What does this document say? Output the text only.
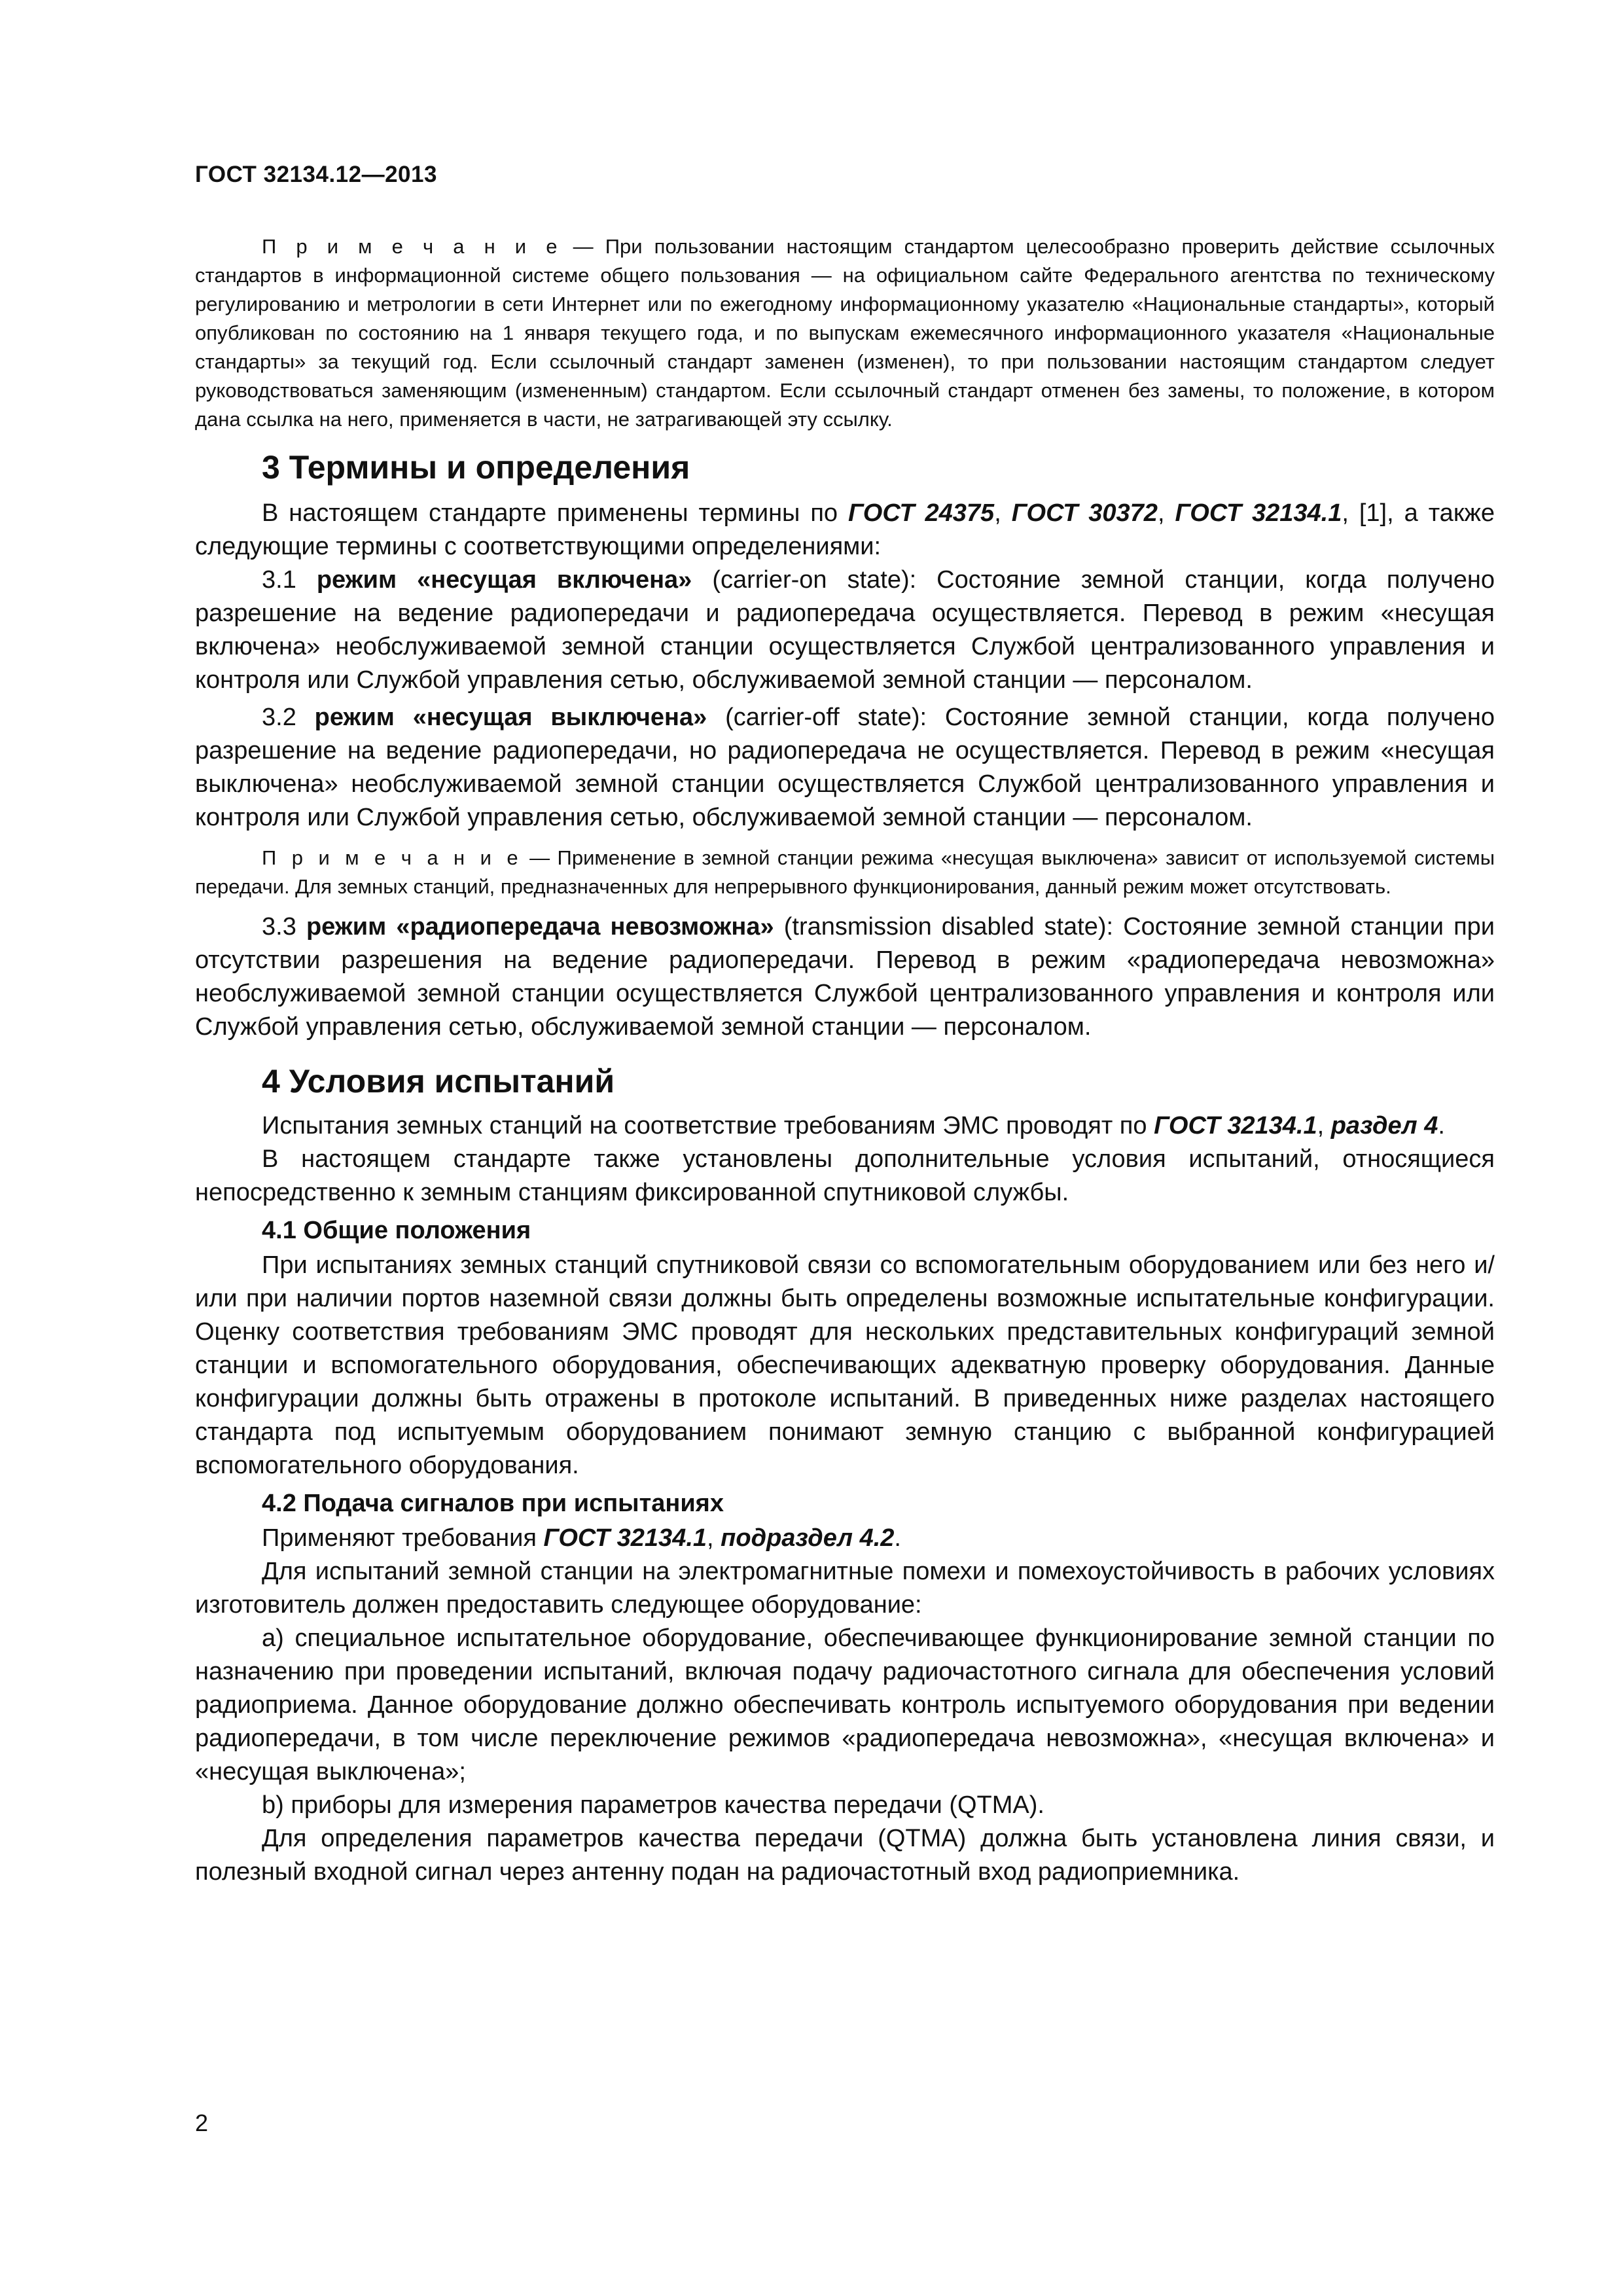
ГОСТ 32134.12—2013

П р и м е ч а н и е — При пользовании настоящим стандартом целесообразно проверить действие ссылочных стандартов в информационной системе общего пользования — на официальном сайте Федерального агентства по техническому регулированию и метрологии в сети Интернет или по ежегодному информационному указателю «Национальные стандарты», который опубликован по состоянию на 1 января текущего года, и по выпускам ежемесячного информационного указателя «Национальные стандарты» за текущий год. Если ссылочный стандарт заменен (изменен), то при пользовании настоящим стандартом следует руководствоваться заменяющим (измененным) стандартом. Если ссылочный стандарт отменен без замены, то положение, в котором дана ссылка на него, применяется в части, не затрагивающей эту ссылку.

3 Термины и определения

В настоящем стандарте применены термины по ГОСТ 24375, ГОСТ 30372, ГОСТ 32134.1, [1], а также следующие термины с соответствующими определениями:

3.1 режим «несущая включена» (carrier-on state): Состояние земной станции, когда получено разрешение на ведение радиопередачи и радиопередача осуществляется. Перевод в режим «несущая включена» необслуживаемой земной станции осуществляется Службой централизованного управления и контроля или Службой управления сетью, обслуживаемой земной станции — персоналом.

3.2 режим «несущая выключена» (carrier-off state): Состояние земной станции, когда получено разрешение на ведение радиопередачи, но радиопередача не осуществляется. Перевод в режим «несущая выключена» необслуживаемой земной станции осуществляется Службой централизованного управления и контроля или Службой управления сетью, обслуживаемой земной станции — персоналом.

П р и м е ч а н и е — Применение в земной станции режима «несущая выключена» зависит от используемой системы передачи. Для земных станций, предназначенных для непрерывного функционирования, данный режим может отсутствовать.

3.3 режим «радиопередача невозможна» (transmission disabled state): Состояние земной станции при отсутствии разрешения на ведение радиопередачи. Перевод в режим «радиопередача невозможна» необслуживаемой земной станции осуществляется Службой централизованного управления и контроля или Службой управления сетью, обслуживаемой земной станции — персоналом.

4 Условия испытаний

Испытания земных станций на соответствие требованиям ЭМС проводят по ГОСТ 32134.1, раздел 4.

В настоящем стандарте также установлены дополнительные условия испытаний, относящиеся непосредственно к земным станциям фиксированной спутниковой службы.

4.1 Общие положения

При испытаниях земных станций спутниковой связи со вспомогательным оборудованием или без него и/или при наличии портов наземной связи должны быть определены возможные испытательные конфигурации. Оценку соответствия требованиям ЭМС проводят для нескольких представительных конфигураций земной станции и вспомогательного оборудования, обеспечивающих адекватную проверку оборудования. Данные конфигурации должны быть отражены в протоколе испытаний. В приведенных ниже разделах настоящего стандарта под испытуемым оборудованием понимают земную станцию с выбранной конфигурацией вспомогательного оборудования.

4.2 Подача сигналов при испытаниях

Применяют требования ГОСТ 32134.1, подраздел 4.2.

Для испытаний земной станции на электромагнитные помехи и помехоустойчивость в рабочих условиях изготовитель должен предоставить следующее оборудование:

а) специальное испытательное оборудование, обеспечивающее функционирование земной станции по назначению при проведении испытаний, включая подачу радиочастотного сигнала для обеспечения условий радиоприема. Данное оборудование должно обеспечивать контроль испытуемого оборудования при ведении радиопередачи, в том числе переключение режимов «радиопередача невозможна», «несущая включена» и «несущая выключена»;

b) приборы для измерения параметров качества передачи (QTMA).

Для определения параметров качества передачи (QTMA) должна быть установлена линия связи, и полезный входной сигнал через антенну подан на радиочастотный вход радиоприемника.

2
